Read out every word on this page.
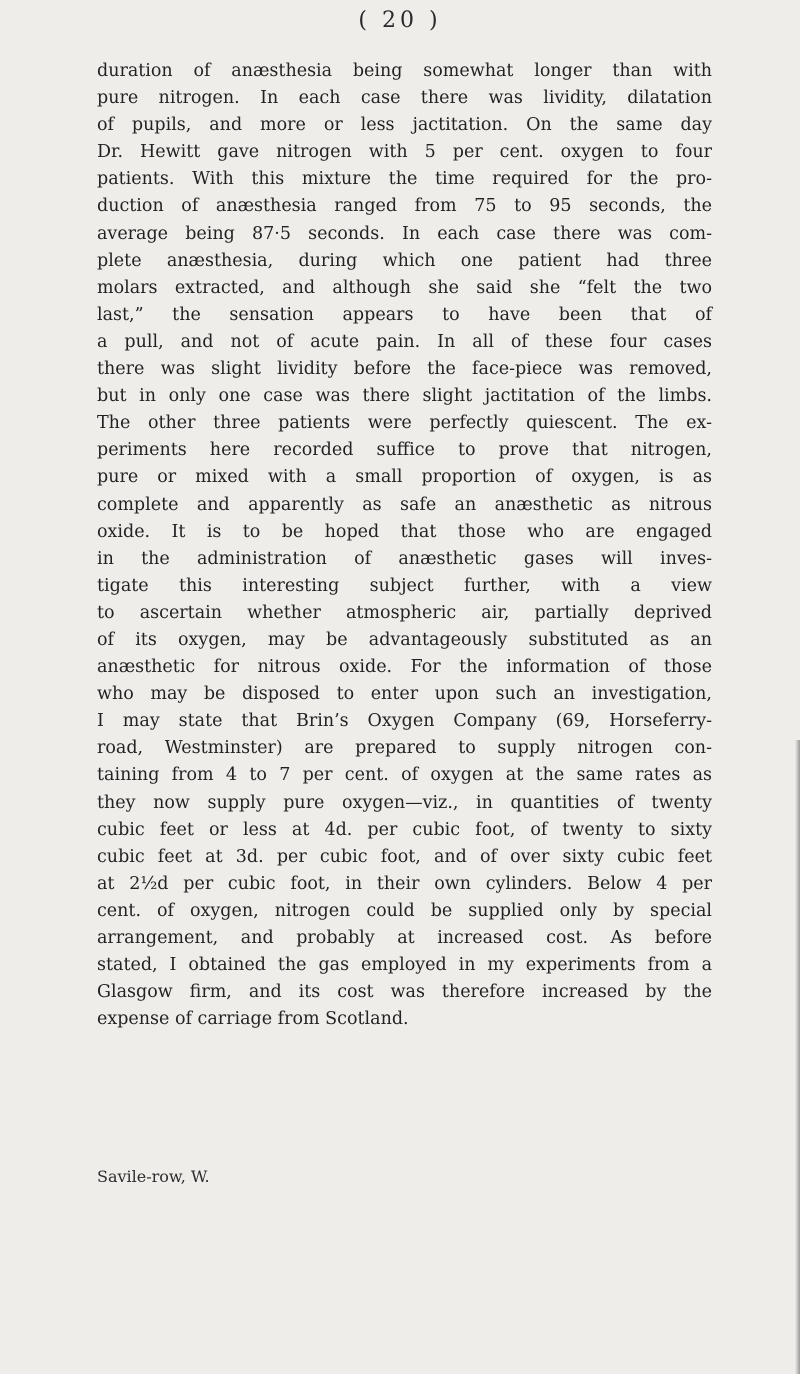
( 20 )
duration of anæsthesia being somewhat longer than with
pure nitrogen. In each case there was lividity, dilatation
of pupils, and more or less jactitation. On the same day
Dr. Hewitt gave nitrogen with 5 per cent. oxygen to four
patients. With this mixture the time required for the pro-
duction of anæsthesia ranged from 75 to 95 seconds, the
average being 87·5 seconds. In each case there was com-
plete anæsthesia, during which one patient had three
molars extracted, and although she said she “felt the two
last,” the sensation appears to have been that of
a pull, and not of acute pain. In all of these four cases
there was slight lividity before the face-piece was removed,
but in only one case was there slight jactitation of the limbs.
The other three patients were perfectly quiescent. The ex-
periments here recorded suffice to prove that nitrogen,
pure or mixed with a small proportion of oxygen, is as
complete and apparently as safe an anæsthetic as nitrous
oxide. It is to be hoped that those who are engaged
in the administration of anæsthetic gases will inves-
tigate this interesting subject further, with a view
to ascertain whether atmospheric air, partially deprived
of its oxygen, may be advantageously substituted as an
anæsthetic for nitrous oxide. For the information of those
who may be disposed to enter upon such an investigation,
I may state that Brin’s Oxygen Company (69, Horseferry-
road, Westminster) are prepared to supply nitrogen con-
taining from 4 to 7 per cent. of oxygen at the same rates as
they now supply pure oxygen—viz., in quantities of twenty
cubic feet or less at 4d. per cubic foot, of twenty to sixty
cubic feet at 3d. per cubic foot, and of over sixty cubic feet
at 2½d per cubic foot, in their own cylinders. Below 4 per
cent. of oxygen, nitrogen could be supplied only by special
arrangement, and probably at increased cost. As before
stated, I obtained the gas employed in my experiments from a
Glasgow firm, and its cost was therefore increased by the
expense of carriage from Scotland.
Savile-row, W.
